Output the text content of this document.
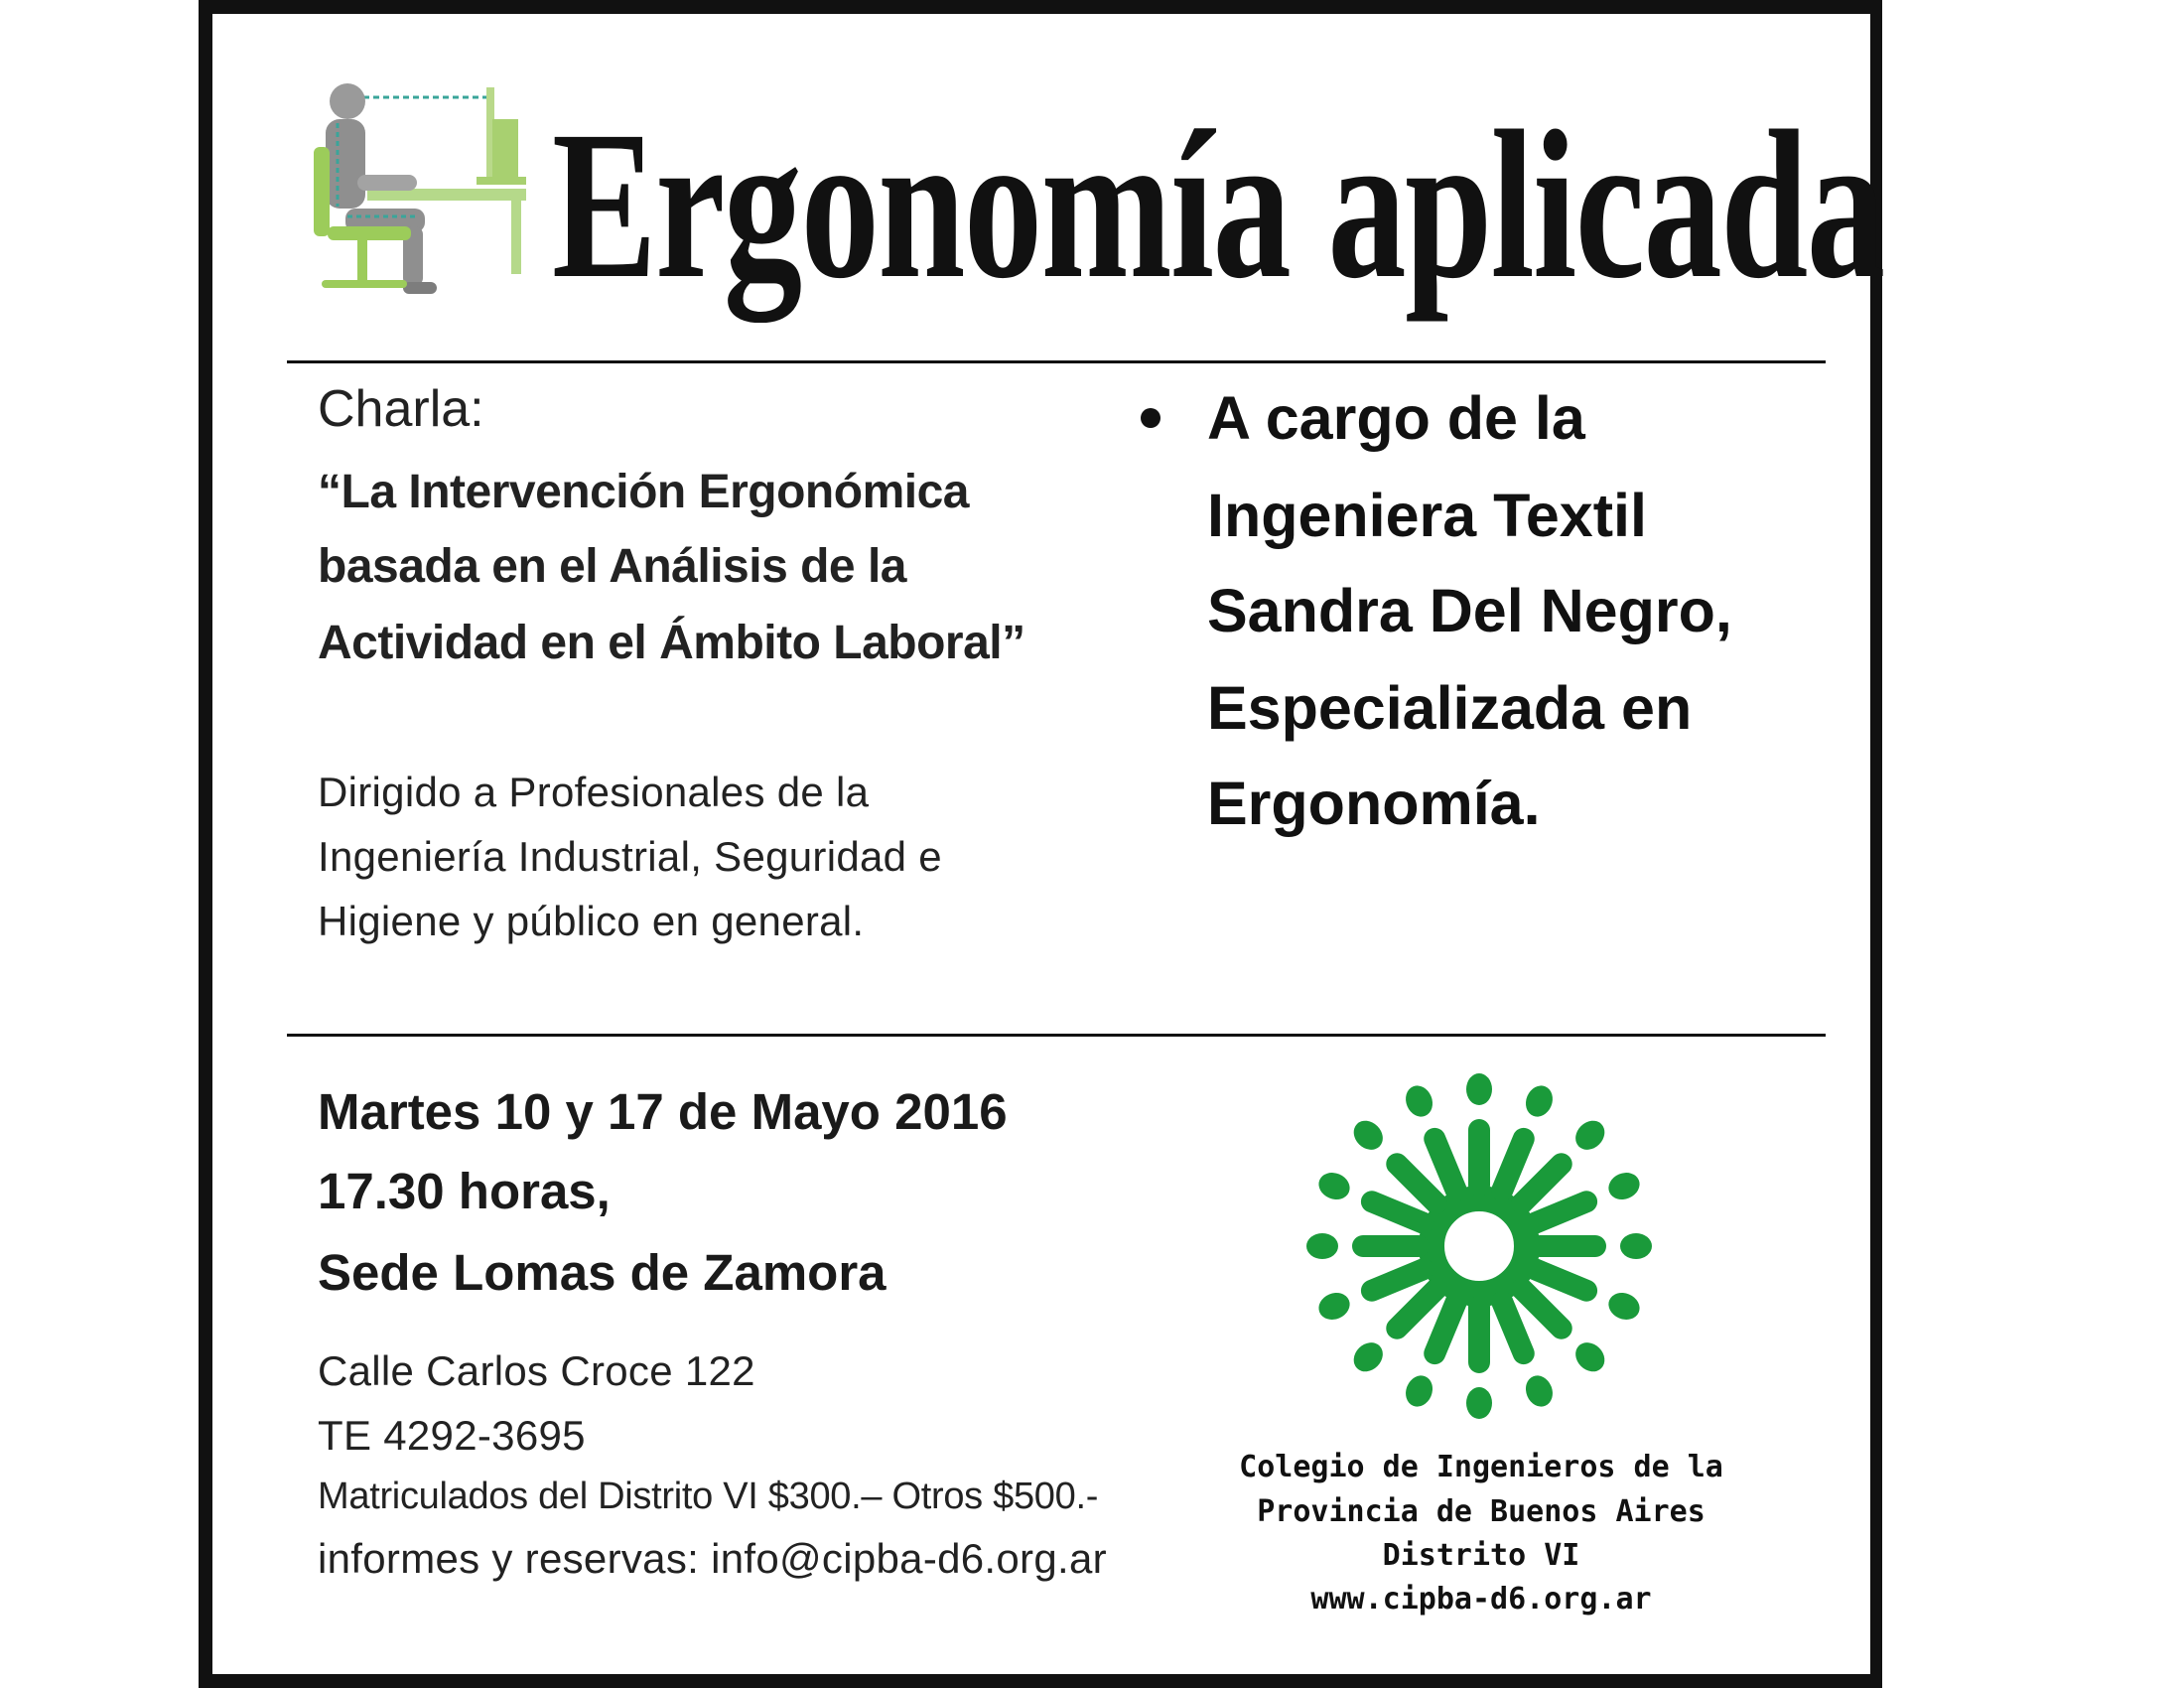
Ergonomía aplicada

Charla:

“La Intervención Ergonómica

basada en el Análisis de la

Actividad en el Ámbito Laboral”

Dirigido a Profesionales de la

Ingeniería Industrial, Seguridad e

Higiene y público en general.

A cargo de la

Ingeniera Textil

Sandra Del Negro,

Especializada en

Ergonomía.

Martes 10 y 17 de Mayo 2016

17.30 horas,

Sede Lomas de Zamora

Calle Carlos Croce 122

TE 4292-3695

Matriculados del Distrito VI $300.– Otros $500.-

informes y reservas: info@cipba-d6.org.ar

Colegio de Ingenieros de la

Provincia de Buenos Aires

Distrito VI

www.cipba-d6.org.ar
